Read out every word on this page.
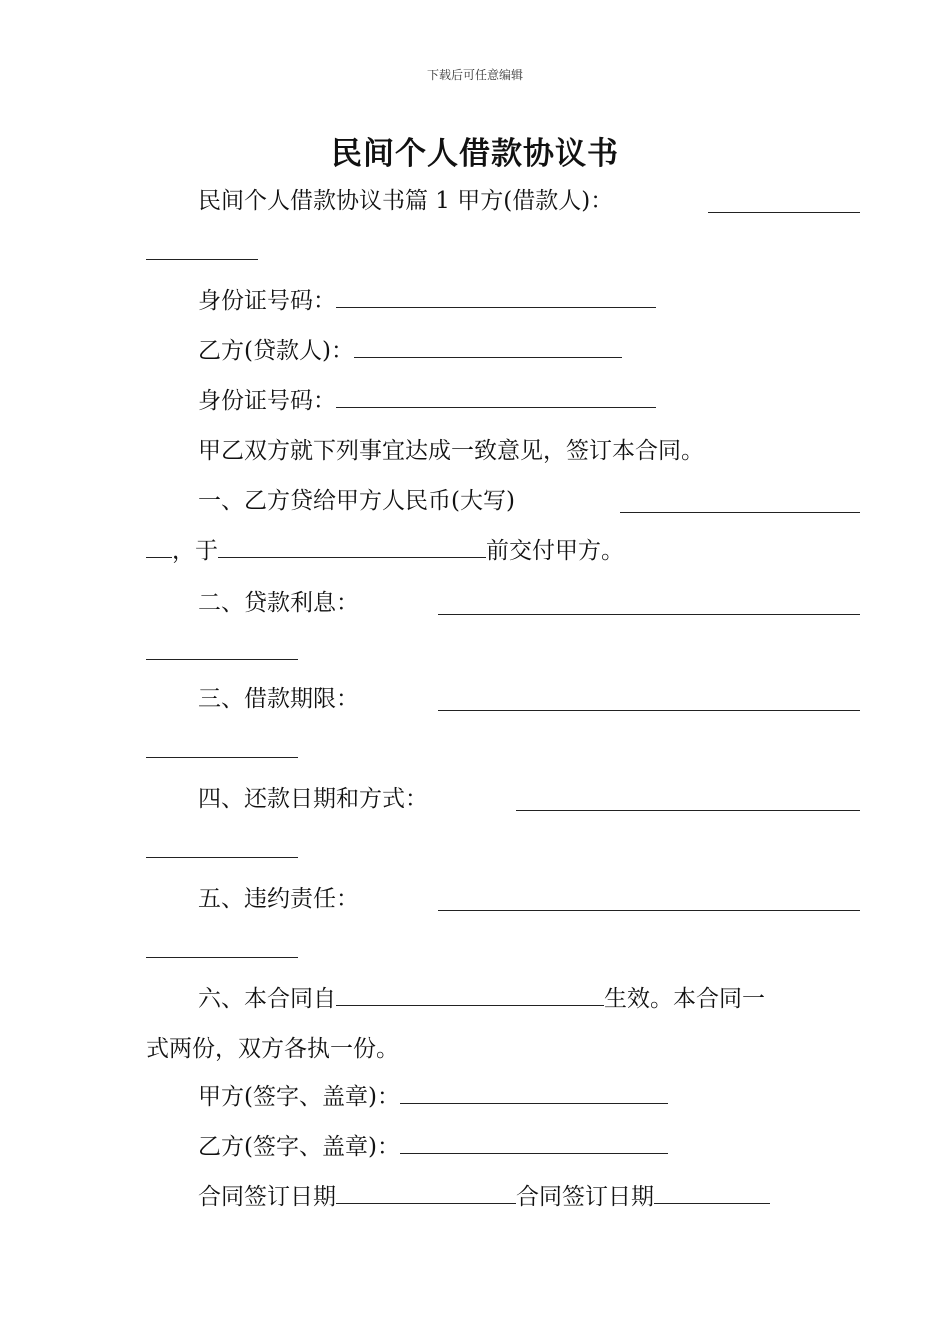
下载后可任意编辑
民间个人借款协议书
民间个人借款协议书篇 1 甲方(借款人)：
身份证号码：
乙方(贷款人)：
身份证号码：
甲乙双方就下列事宜达成一致意见，签订本合同。
一、乙方贷给甲方人民币(大写)
，于	前交付甲方。
二、贷款利息：
三、借款期限：
四、还款日期和方式：
五、违约责任：
六、本合同自	生效。本合同一
式两份，双方各执一份。
甲方(签字、盖章)：
乙方(签字、盖章)：
合同签订日期	合同签订日期
